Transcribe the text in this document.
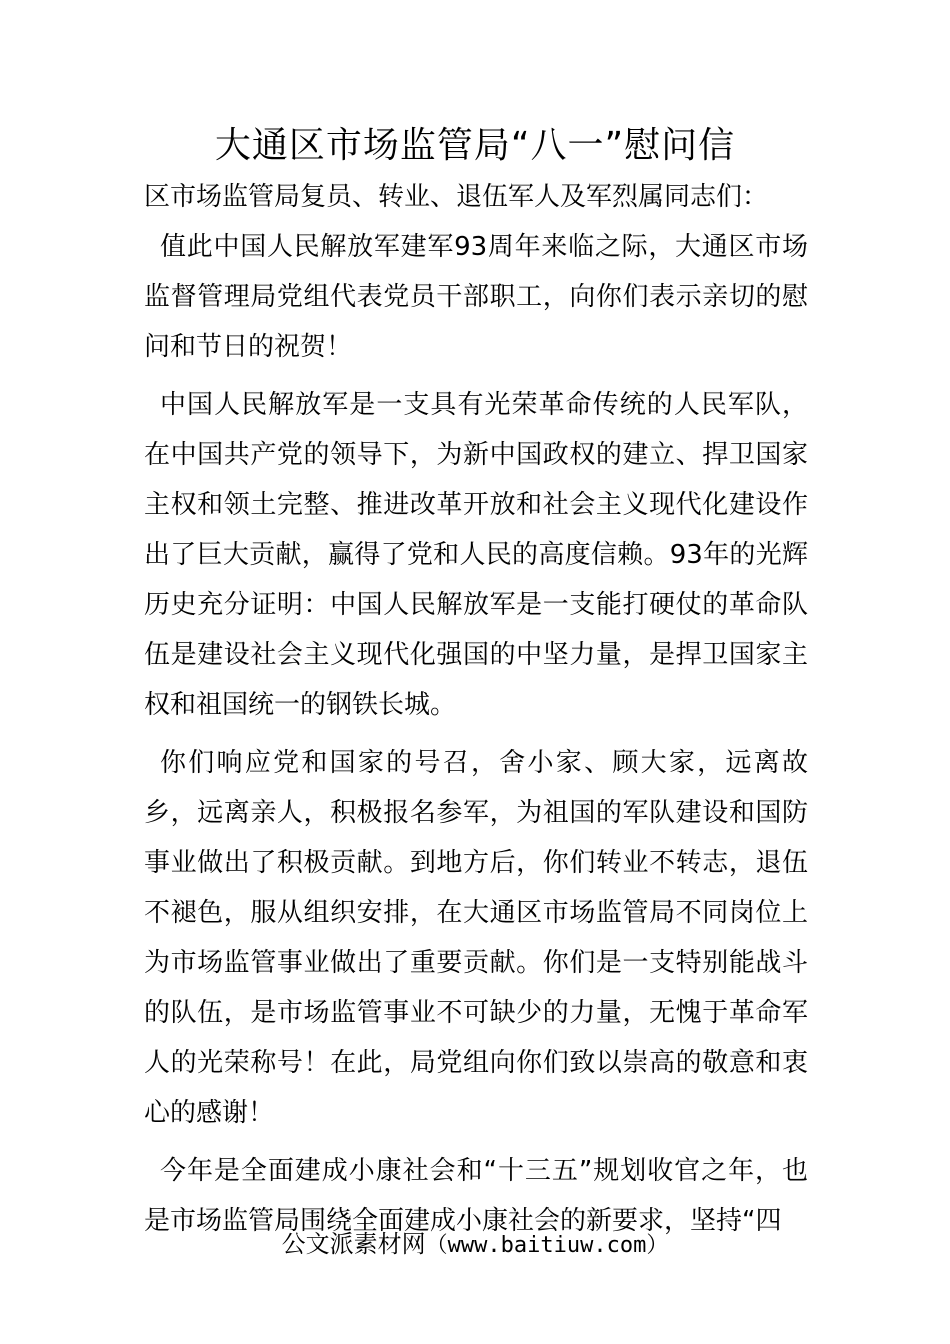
大通区市场监管局“八一”慰问信

区市场监管局复员、转业、退伍军人及军烈属同志们：

值此中国人民解放军建军93周年来临之际，大通区市场监督管理局党组代表党员干部职工，向你们表示亲切的慰问和节日的祝贺！

中国人民解放军是一支具有光荣革命传统的人民军队，在中国共产党的领导下，为新中国政权的建立、捍卫国家主权和领土完整、推进改革开放和社会主义现代化建设作出了巨大贡献，赢得了党和人民的高度信赖。93年的光辉历史充分证明：中国人民解放军是一支能打硬仗的革命队伍是建设社会主义现代化强国的中坚力量，是捍卫国家主权和祖国统一的钢铁长城。

你们响应党和国家的号召，舍小家、顾大家，远离故乡，远离亲人，积极报名参军，为祖国的军队建设和国防事业做出了积极贡献。到地方后，你们转业不转志，退伍不褪色，服从组织安排，在大通区市场监管局不同岗位上为市场监管事业做出了重要贡献。你们是一支特别能战斗的队伍，是市场监管事业不可缺少的力量，无愧于革命军人的光荣称号！在此，局党组向你们致以崇高的敬意和衷心的感谢！

今年是全面建成小康社会和“十三五”规划收官之年，也是市场监管局围绕全面建成小康社会的新要求，坚持“四

公文派素材网（www.baitiuw.com）
